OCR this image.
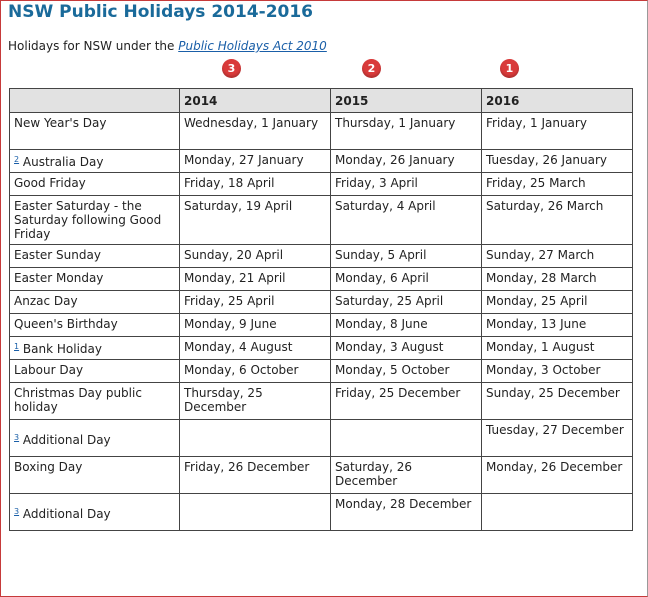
NSW Public Holidays 2014-2016
Holidays for NSW under the Public Holidays Act 2010
3	2	1
	2014	2015	2016
New Year's Day	Wednesday, 1 January	Thursday, 1 January	Friday, 1 January
$^2$ Australia Day	Monday, 27 January	Monday, 26 January	Tuesday, 26 January
Good Friday	Friday, 18 April	Friday, 3 April	Friday, 25 March
Easter Saturday - the Saturday following Good Friday	Saturday, 19 April	Saturday, 4 April	Saturday, 26 March
Easter Sunday	Sunday, 20 April	Sunday, 5 April	Sunday, 27 March
Easter Monday	Monday, 21 April	Monday, 6 April	Monday, 28 March
Anzac Day	Friday, 25 April	Saturday, 25 April	Monday, 25 April
Queen's Birthday	Monday, 9 June	Monday, 8 June	Monday, 13 June
$^1$ Bank Holiday	Monday, 4 August	Monday, 3 August	Monday, 1 August
Labour Day	Monday, 6 October	Monday, 5 October	Monday, 3 October
Christmas Day public holiday	Thursday, 25 December	Friday, 25 December	Sunday, 25 December
$^3$ Additional Day			Tuesday, 27 December
Boxing Day	Friday, 26 December	Saturday, 26 December	Monday, 26 December
$^3$ Additional Day		Monday, 28 December	
